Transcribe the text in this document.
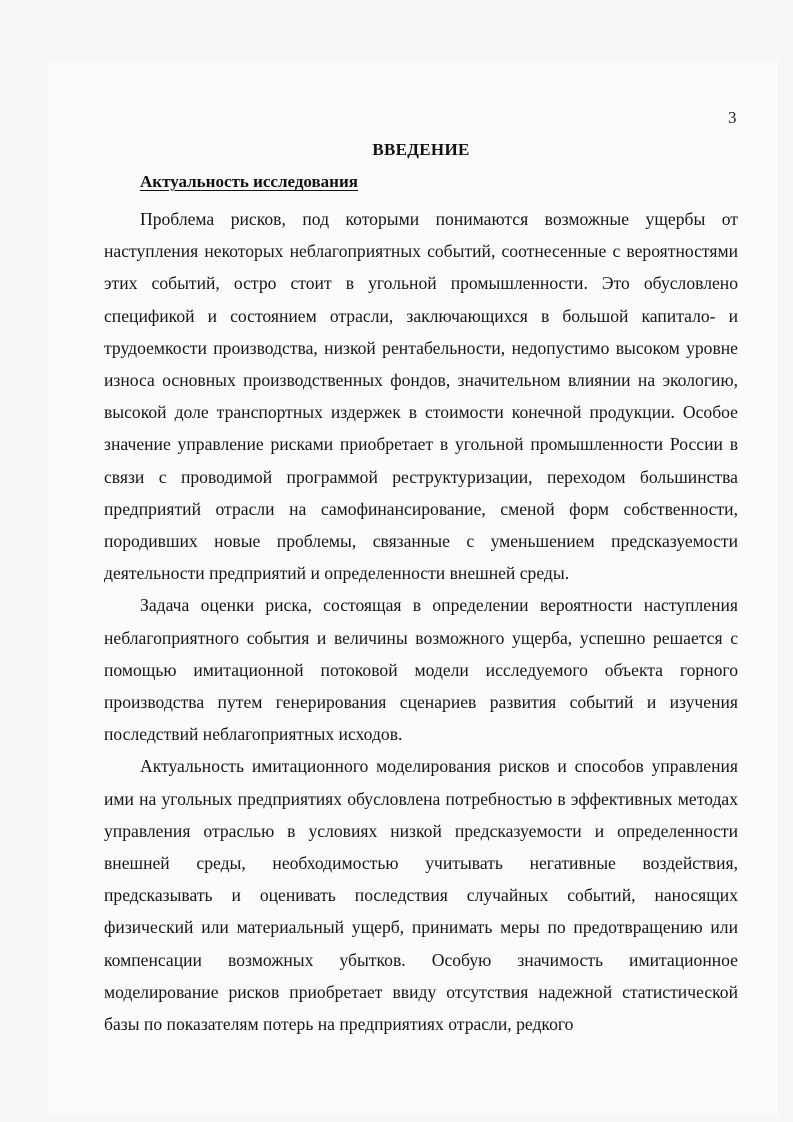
3
ВВЕДЕНИЕ
Актуальность исследования

Проблема рисков, под которыми понимаются возможные ущербы от наступления некоторых неблагоприятных событий, соотнесенные с вероятностями этих событий, остро стоит в угольной промышленности. Это обусловлено спецификой и состоянием отрасли, заключающихся в большой капитало- и трудоемкости производства, низкой рентабельности, недопустимо высоком уровне износа основных производственных фондов, значительном влиянии на экологию, высокой доле транспортных издержек в стоимости конечной продукции. Особое значение управление рисками приобретает в угольной промышленности России в связи с проводимой программой реструктуризации, переходом большинства предприятий отрасли на самофинансирование, сменой форм собственности, породивших новые проблемы, связанные с уменьшением предсказуемости деятельности предприятий и определенности внешней среды.

Задача оценки риска, состоящая в определении вероятности наступления неблагоприятного события и величины возможного ущерба, успешно решается с помощью имитационной потоковой модели исследуемого объекта горного производства путем генерирования сценариев развития событий и изучения последствий неблагоприятных исходов.

Актуальность имитационного моделирования рисков и способов управления ими на угольных предприятиях обусловлена потребностью в эффективных методах управления отраслью в условиях низкой предсказуемости и определенности внешней среды, необходимостью учитывать негативные воздействия, предсказывать и оценивать последствия случайных событий, наносящих физический или материальный ущерб, принимать меры по предотвращению или компенсации возможных убытков. Особую значимость имитационное моделирование рисков приобретает ввиду отсутствия надежной статистической базы по показателям потерь на предприятиях отрасли, редкого
